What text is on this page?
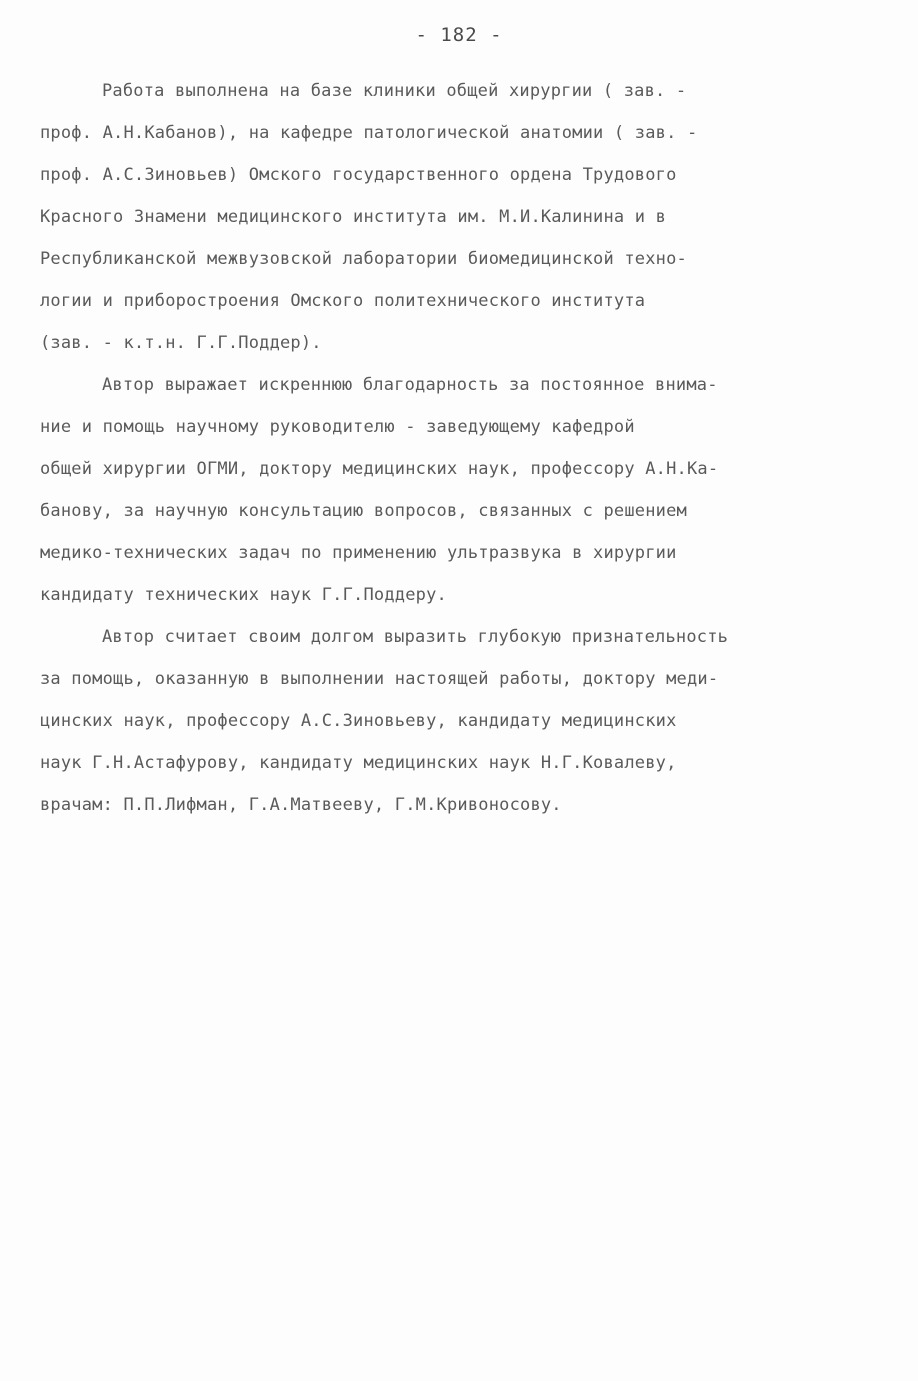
- 182 -
Работа выполнена на базе клиники общей хирургии ( зав. -
проф. А.Н.Кабанов), на кафедре патологической анатомии ( зав. -
проф. А.С.Зиновьев) Омского государственного ордена Трудового
Красного Знамени медицинского института им. М.И.Калинина и в
Республиканской межвузовской лаборатории биомедицинской техно-
логии и приборостроения Омского политехнического института
(зав. - к.т.н. Г.Г.Поддер).
Автор выражает искреннюю благодарность за постоянное внима-
ние и помощь научному руководителю - заведующему кафедрой
общей хирургии ОГМИ, доктору медицинских наук, профессору А.Н.Ка-
банову, за научную консультацию вопросов, связанных с решением
медико-технических задач по применению ультразвука в хирургии
кандидату технических наук Г.Г.Поддеру.
Автор считает своим долгом выразить глубокую признательность
за помощь, оказанную в выполнении настоящей работы, доктору меди-
цинских наук, профессору А.С.Зиновьеву, кандидату медицинских
наук Г.Н.Астафурову, кандидату медицинских наук Н.Г.Ковалеву,
врачам: П.П.Лифман, Г.А.Матвееву, Г.М.Кривоносову.
